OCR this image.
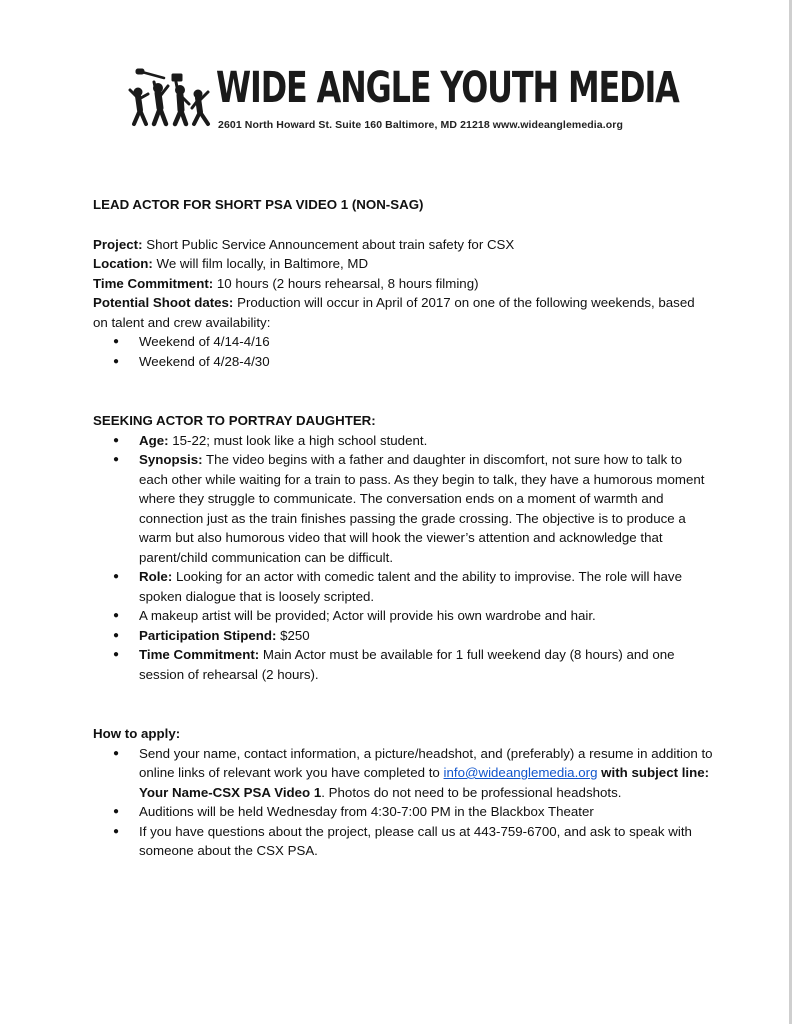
WIDE ANGLE YOUTH MEDIA
2601 North Howard St. Suite 160 Baltimore, MD 21218 www.wideanglemedia.org

LEAD ACTOR FOR SHORT PSA VIDEO 1 (NON-SAG)

Project: Short Public Service Announcement about train safety for CSX

Location: We will film locally, in Baltimore, MD

Time Commitment: 10 hours (2 hours rehearsal, 8 hours filming)

Potential Shoot dates: Production will occur in April of 2017 on one of the following weekends, based on talent and crew availability:

● Weekend of 4/14-4/16
● Weekend of 4/28-4/30

SEEKING ACTOR TO PORTRAY DAUGHTER:

● Age: 15-22; must look like a high school student.
● Synopsis: The video begins with a father and daughter in discomfort, not sure how to talk to each other while waiting for a train to pass. As they begin to talk, they have a humorous moment where they struggle to communicate. The conversation ends on a moment of warmth and connection just as the train finishes passing the grade crossing. The objective is to produce a warm but also humorous video that will hook the viewer’s attention and acknowledge that parent/child communication can be difficult.
● Role: Looking for an actor with comedic talent and the ability to improvise. The role will have spoken dialogue that is loosely scripted.
● A makeup artist will be provided; Actor will provide his own wardrobe and hair.
● Participation Stipend: $250
● Time Commitment: Main Actor must be available for 1 full weekend day (8 hours) and one session of rehearsal (2 hours).

How to apply:

● Send your name, contact information, a picture/headshot, and (preferably) a resume in addition to online links of relevant work you have completed to info@wideanglemedia.org with subject line: Your Name-CSX PSA Video 1. Photos do not need to be professional headshots.
● Auditions will be held Wednesday from 4:30-7:00 PM in the Blackbox Theater
● If you have questions about the project, please call us at 443-759-6700, and ask to speak with someone about the CSX PSA.
